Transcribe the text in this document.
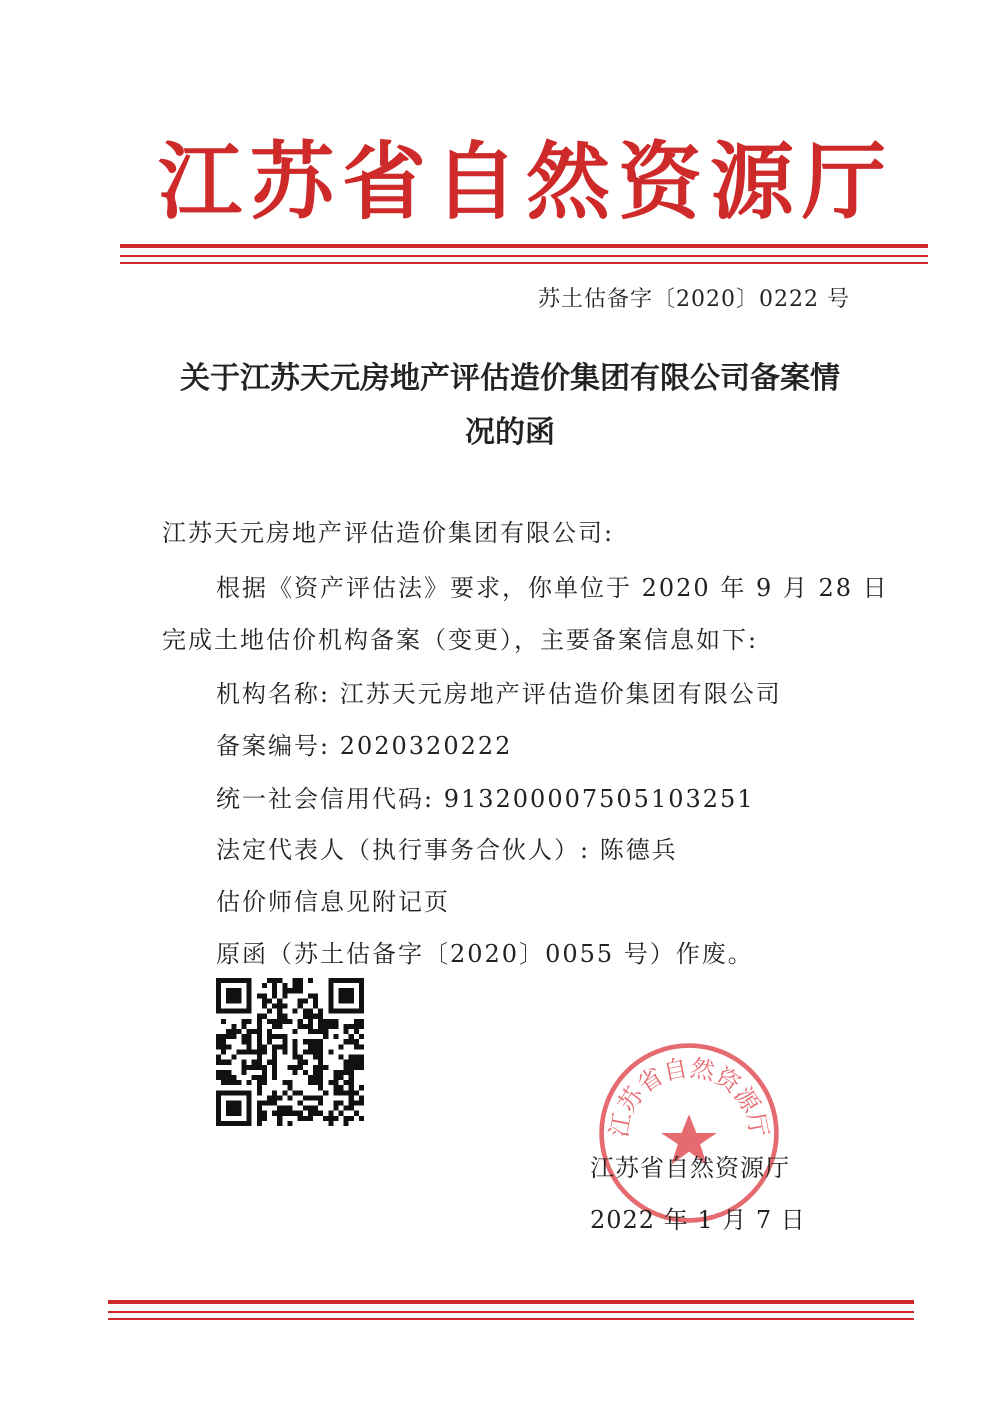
江苏省自然资源厅
苏土估备字〔2020〕0222 号
关于江苏天元房地产评估造价集团有限公司备案情
况的函
江苏天元房地产评估造价集团有限公司:
根据《资产评估法》要求，你单位于 2020 年 9 月 28 日
完成土地估价机构备案（变更），主要备案信息如下:
机构名称: 江苏天元房地产评估造价集团有限公司
备案编号: 2020320222
统一社会信用代码: 913200007505103251
法定代表人（执行事务合伙人）: 陈德兵
估价师信息见附记页
原函（苏土估备字〔2020〕0055 号）作废。
江苏省自然资源厅
江苏省自然资源厅
2022 年 1 月 7 日
